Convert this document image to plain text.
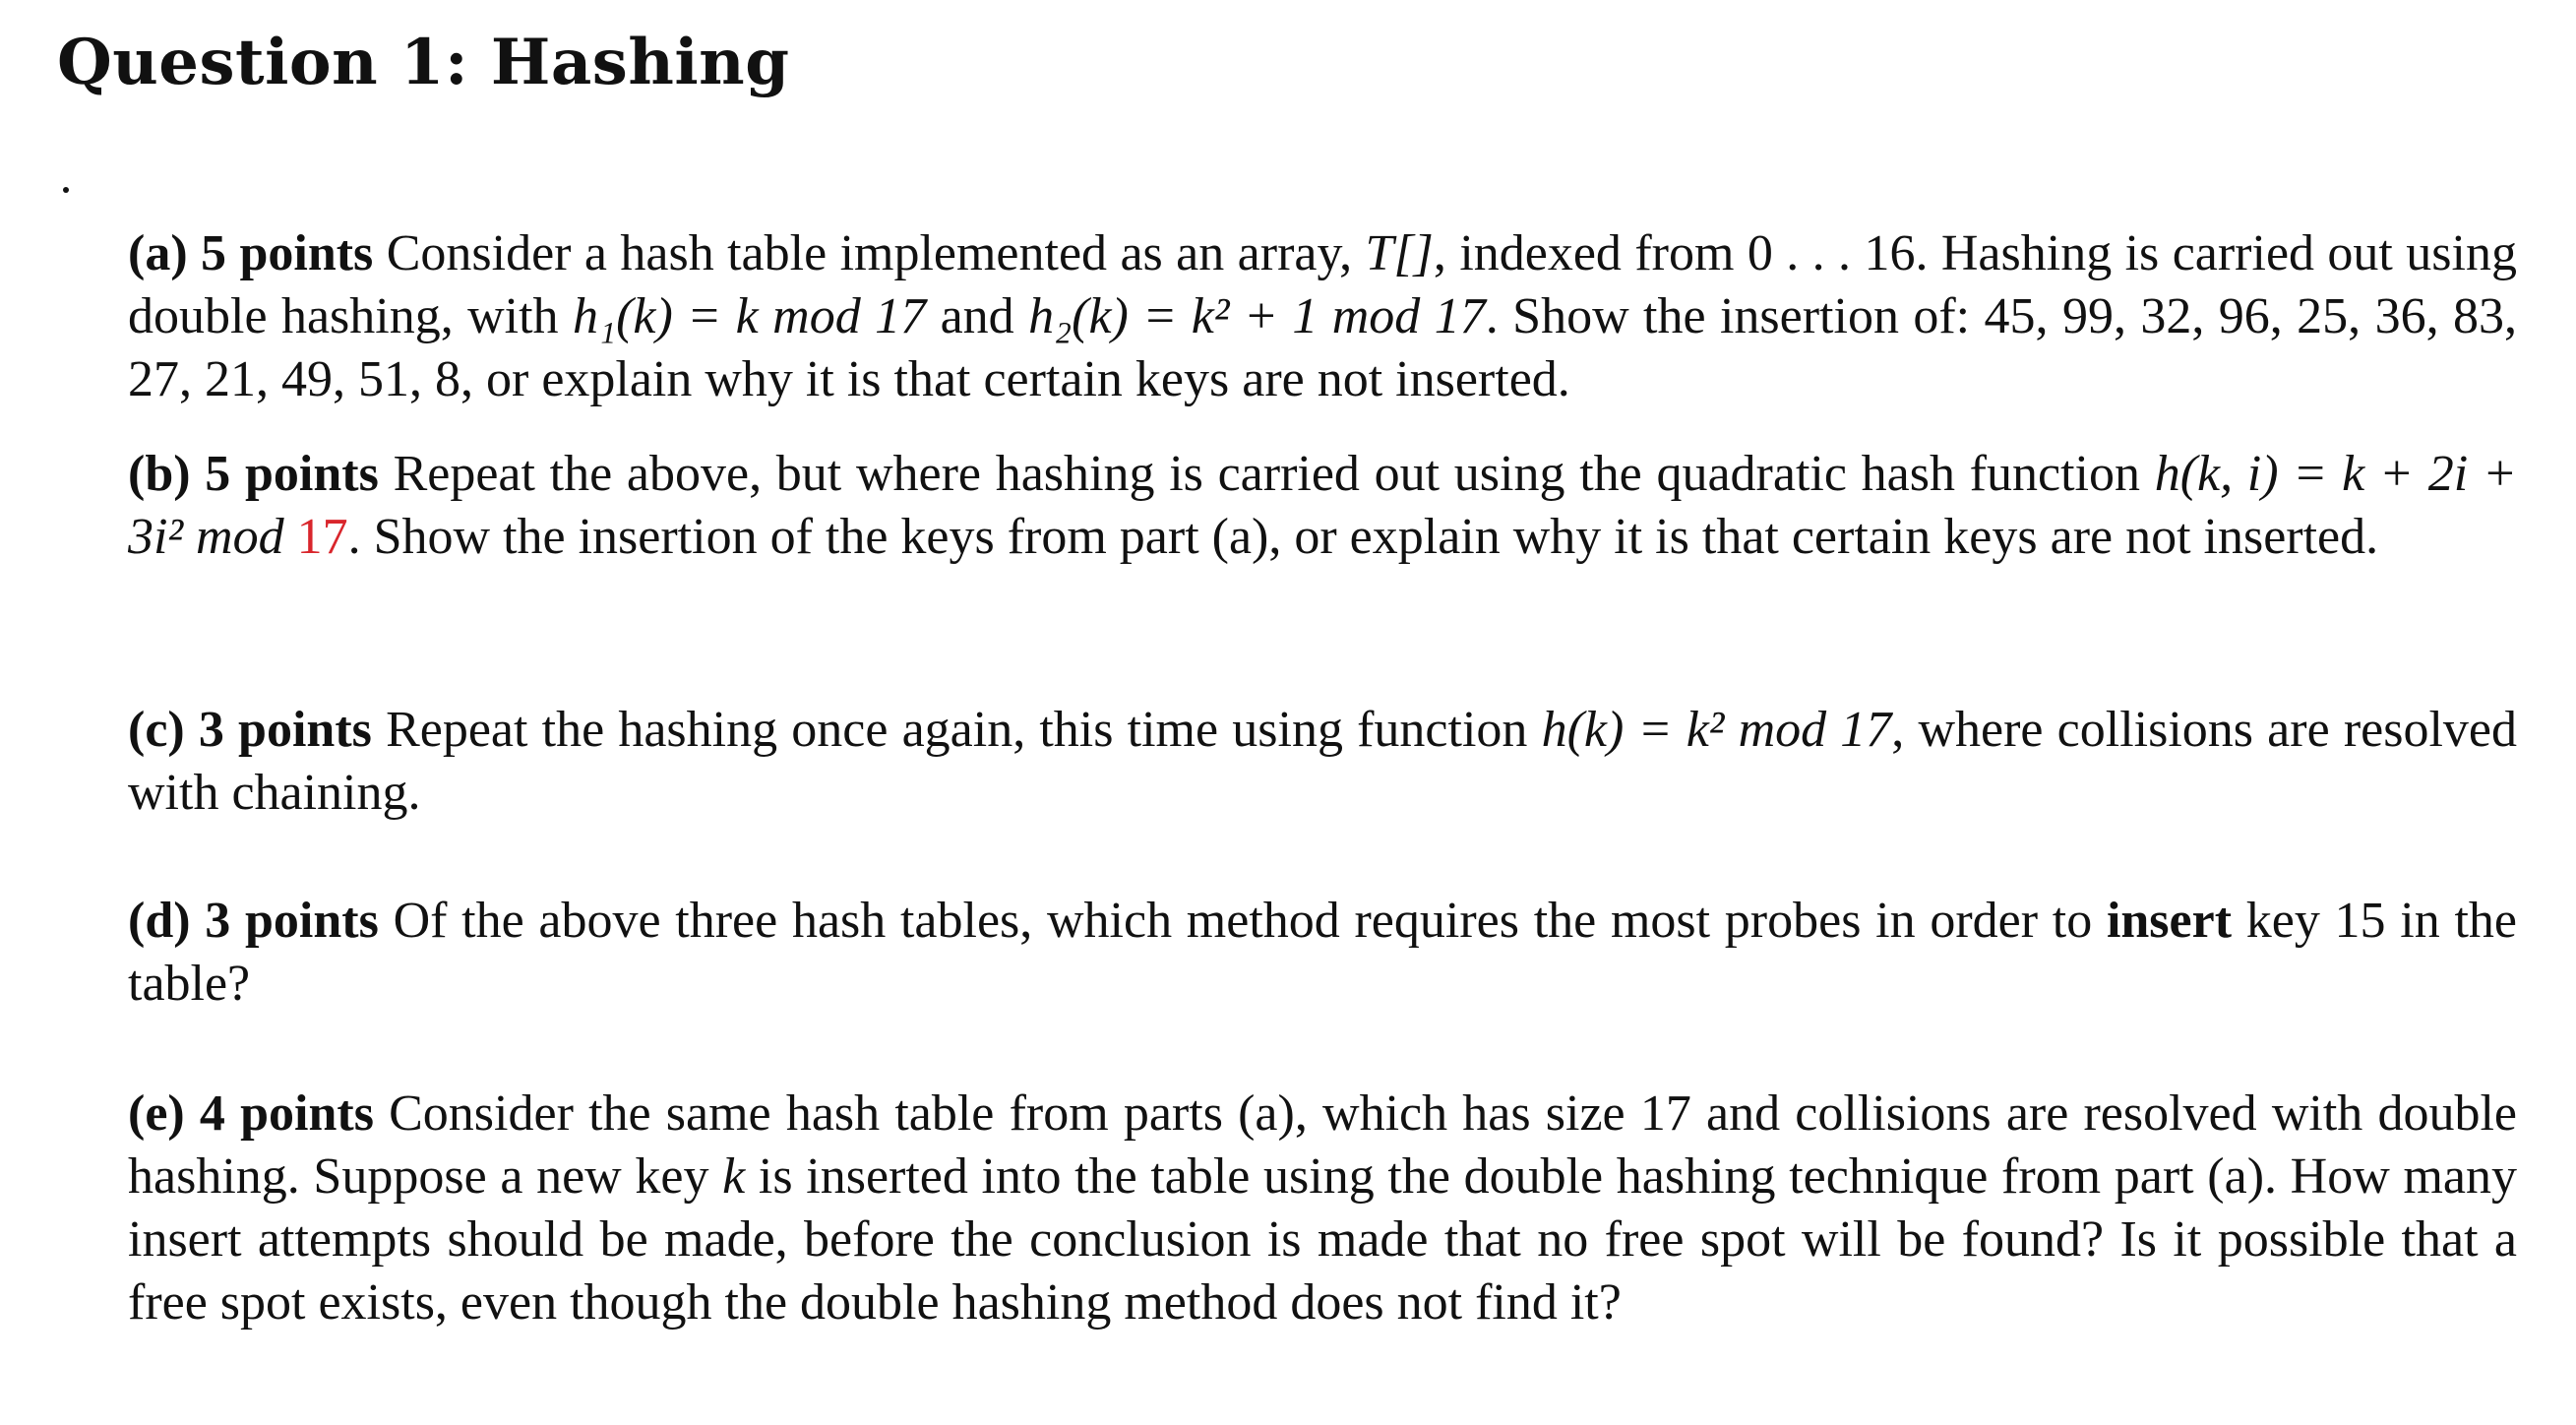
Question 1: Hashing
(a) 5 points Consider a hash table implemented as an array, T[], indexed from 0 . . . 16. Hashing is carried out using double hashing, with h₁(k) = k mod 17 and h₂(k) = k² + 1 mod 17. Show the insertion of: 45, 99, 32, 96, 25, 36, 83, 27, 21, 49, 51, 8, or explain why it is that certain keys are not inserted.
(b) 5 points Repeat the above, but where hashing is carried out using the quadratic hash function h(k, i) = k + 2i + 3i² mod 17. Show the insertion of the keys from part (a), or explain why it is that certain keys are not inserted.
(c) 3 points Repeat the hashing once again, this time using function h(k) = k² mod 17, where collisions are resolved with chaining.
(d) 3 points Of the above three hash tables, which method requires the most probes in order to insert key 15 in the table?
(e) 4 points Consider the same hash table from parts (a), which has size 17 and collisions are resolved with double hashing. Suppose a new key k is inserted into the table using the double hashing technique from part (a). How many insert attempts should be made, before the conclusion is made that no free spot will be found? Is it possible that a free spot exists, even though the double hashing method does not find it?
